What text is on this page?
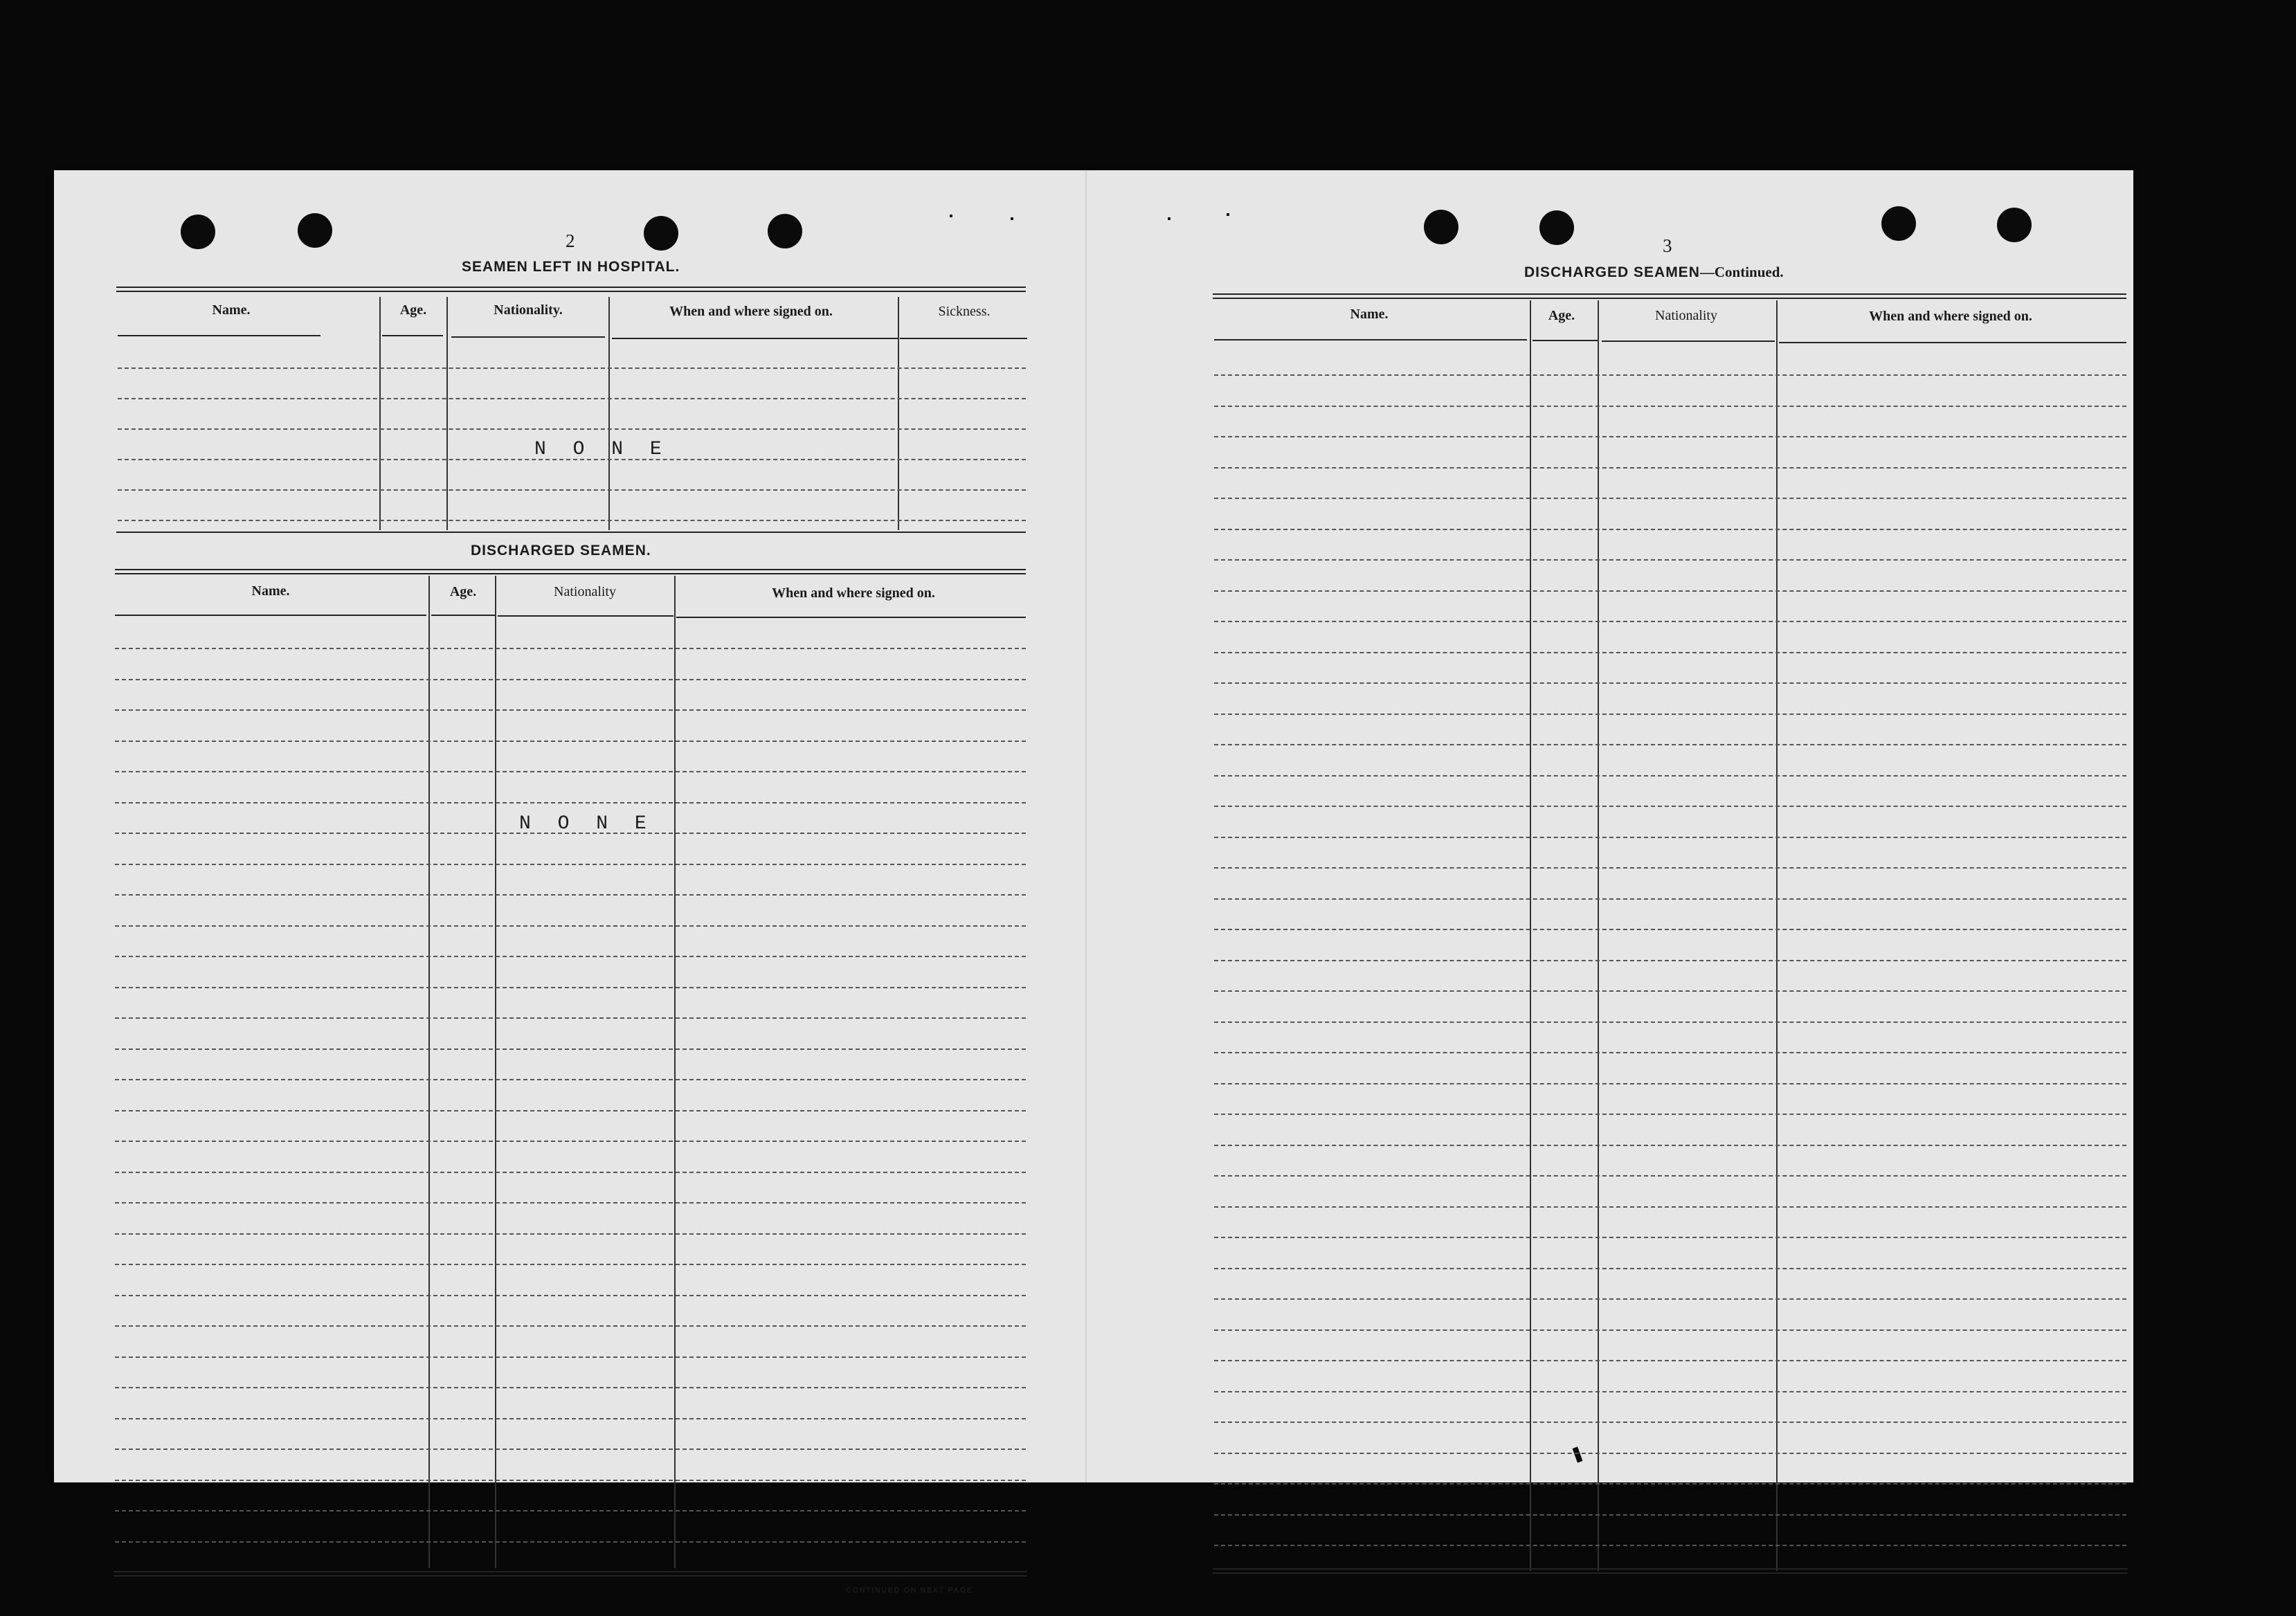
2
SEAMEN LEFT IN HOSPITAL.
Name.	Age.	Nationality.	When and where signed on.	Sickness.
N O N E
DISCHARGED SEAMEN.
Name.	Age.	Nationality	When and where signed on.
N O N E
CONTINUED ON NEXT PAGE.
3
DISCHARGED SEAMEN—Continued.
Name.	Age.	Nationality	When and where signed on.
